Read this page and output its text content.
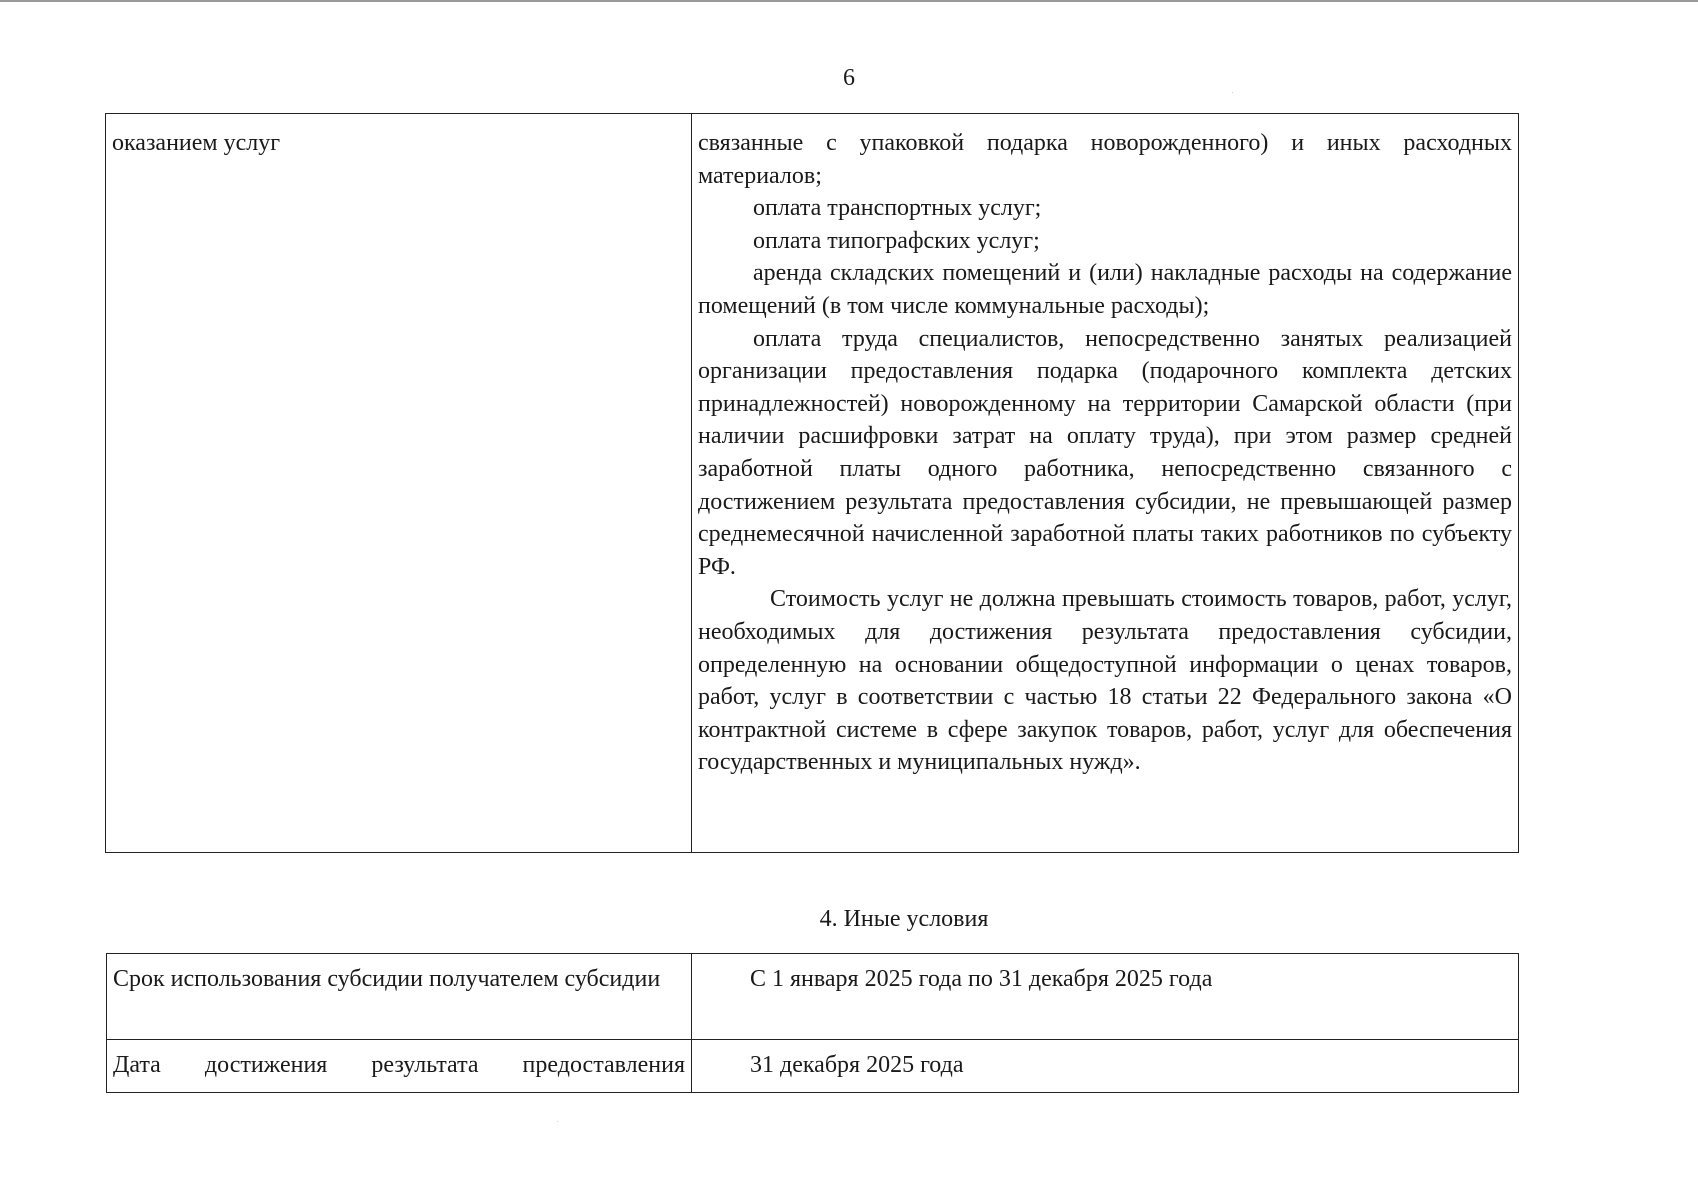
6
оказанием услуг	связанные с упаковкой подарка новорожденного) и иных расходных материалов;

оплата транспортных услуг;

оплата типографских услуг;

аренда складских помещений и (или) накладные расходы на содержание помещений (в том числе коммунальные расходы);

оплата труда специалистов, непосредственно занятых реализацией организации предоставления подарка (подарочного комплекта детских принадлежностей) новорожденному на территории Самарской области (при наличии расшифровки затрат на оплату труда), при этом размер средней заработной платы одного работника, непосредственно связанного с достижением результата предоставления субсидии, не превышающей размер среднемесячной начисленной заработной платы таких работников по субъекту РФ.

Стоимость услуг не должна превышать стоимость товаров, работ, услуг, необходимых для достижения результата предоставления субсидии, определенную на основании общедоступной информации о ценах товаров, работ, услуг в соответствии с частью 18 статьи 22 Федерального закона «О контрактной системе в сфере закупок товаров, работ, услуг для обеспечения государственных и муниципальных нужд».

4. Иные условия
Срок использования субсидии получателем субсидии	С 1 января 2025 года по 31 декабря 2025 года
Дата достижения результата предоставления	31 декабря 2025 года
